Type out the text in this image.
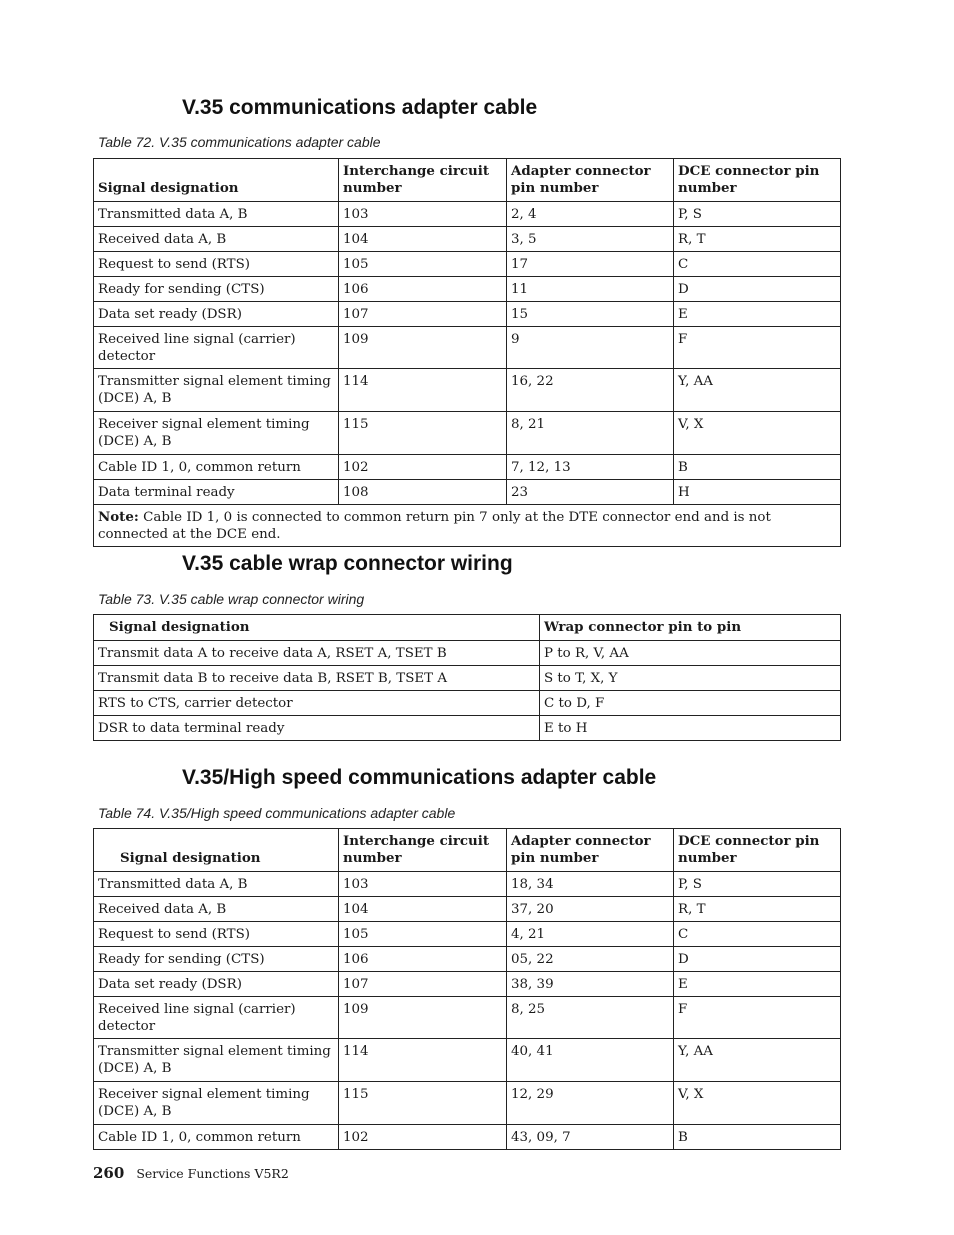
V.35 communications adapter cable

Table 72. V.35 communications adapter cable

Signal designation	Interchange circuit number	Adapter connector pin number	DCE connector pin number
Transmitted data A, B	103	2, 4	P, S
Received data A, B	104	3, 5	R, T
Request to send (RTS)	105	17	C
Ready for sending (CTS)	106	11	D
Data set ready (DSR)	107	15	E
Received line signal (carrier) detector	109	9	F
Transmitter signal element timing (DCE) A, B	114	16, 22	Y, AA
Receiver signal element timing (DCE) A, B	115	8, 21	V, X
Cable ID 1, 0, common return	102	7, 12, 13	B
Data terminal ready	108	23	H
Note: Cable ID 1, 0 is connected to common return pin 7 only at the DTE connector end and is not connected at the DCE end.			
V.35 cable wrap connector wiring

Table 73. V.35 cable wrap connector wiring

Signal designation	Wrap connector pin to pin
Transmit data A to receive data A, RSET A, TSET B	P to R, V, AA
Transmit data B to receive data B, RSET B, TSET A	S to T, X, Y
RTS to CTS, carrier detector	C to D, F
DSR to data terminal ready	E to H
V.35/High speed communications adapter cable

Table 74. V.35/High speed communications adapter cable

Signal designation	Interchange circuit number	Adapter connector pin number	DCE connector pin number
Transmitted data A, B	103	18, 34	P, S
Received data A, B	104	37, 20	R, T
Request to send (RTS)	105	4, 21	C
Ready for sending (CTS)	106	05, 22	D
Data set ready (DSR)	107	38, 39	E
Received line signal (carrier) detector	109	8, 25	F
Transmitter signal element timing (DCE) A, B	114	40, 41	Y, AA
Receiver signal element timing (DCE) A, B	115	12, 29	V, X
Cable ID 1, 0, common return	102	43, 09, 7	B
260 Service Functions V5R2
